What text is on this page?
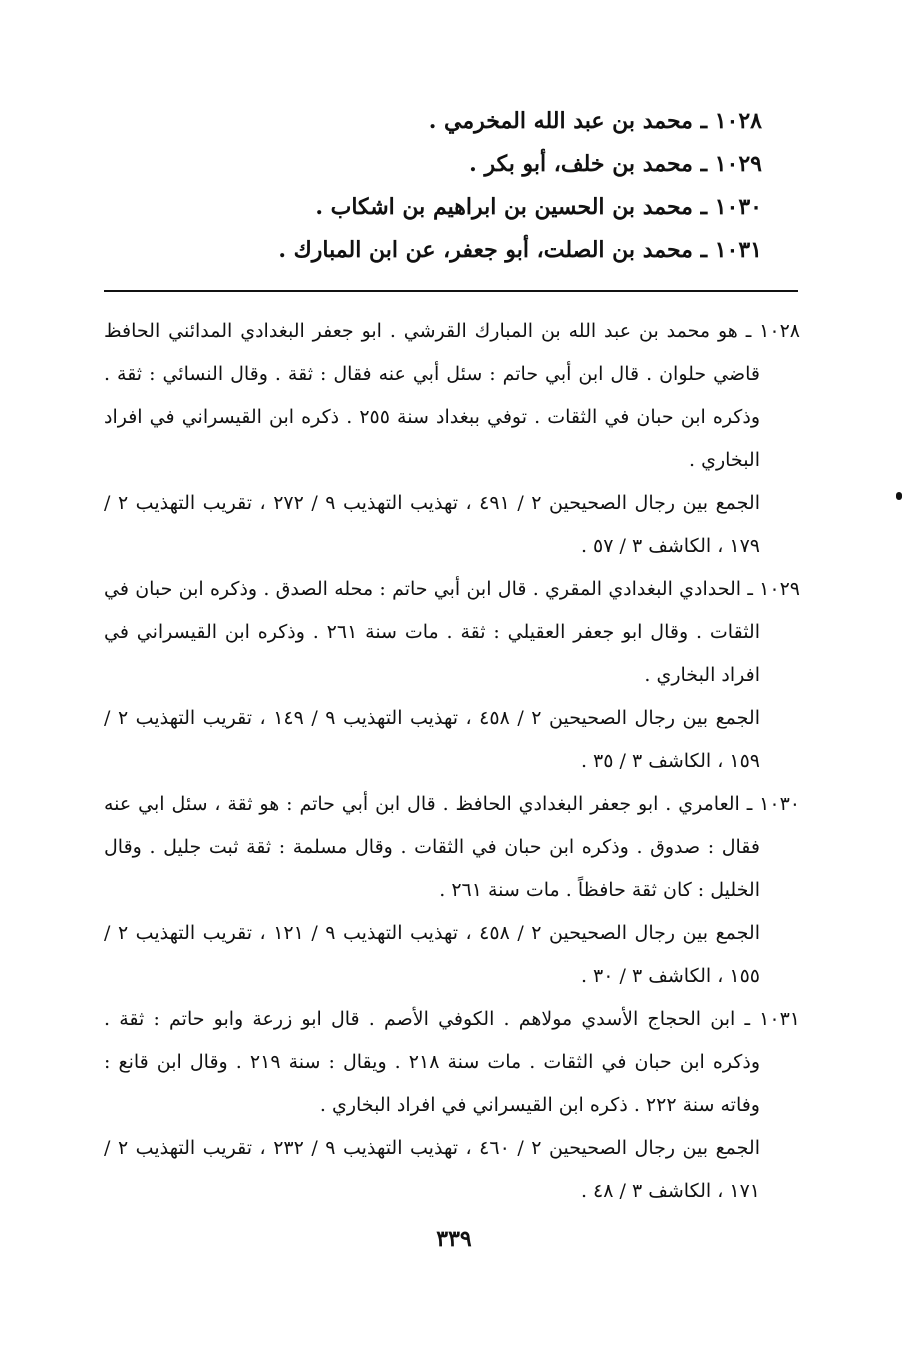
١٠٢٨ ـ محمد بن عبد الله المخرمي .
١٠٢٩ ـ محمد بن خلف، أبو بكر .
١٠٣٠ ـ محمد بن الحسين بن ابراهيم بن اشكاب .
١٠٣١ ـ محمد بن الصلت، أبو جعفر، عن ابن المبارك .
١٠٢٨ ـ هو محمد بن عبد الله بن المبارك القرشي . ابو جعفر البغدادي المدائني الحافظ قاضي حلوان . قال ابن أبي حاتم : سئل أبي عنه فقال : ثقة . وقال النسائي : ثقة . وذكره ابن حبان في الثقات . توفي ببغداد سنة ٢٥٥ . ذكره ابن القيسراني في افراد البخاري .
الجمع بين رجال الصحيحين ٢ / ٤٩١ ، تهذيب التهذيب ٩ / ٢٧٢ ، تقريب التهذيب ٢ / ١٧٩ ، الكاشف ٣ / ٥٧ .
١٠٢٩ ـ الحدادي البغدادي المقري . قال ابن أبي حاتم : محله الصدق . وذكره ابن حبان في الثقات . وقال ابو جعفر العقيلي : ثقة . مات سنة ٢٦١ . وذكره ابن القيسراني في افراد البخاري .
الجمع بين رجال الصحيحين ٢ / ٤٥٨ ، تهذيب التهذيب ٩ / ١٤٩ ، تقريب التهذيب ٢ / ١٥٩ ، الكاشف ٣ / ٣٥ .
١٠٣٠ ـ العامري . ابو جعفر البغدادي الحافظ . قال ابن أبي حاتم : هو ثقة ، سئل ابي عنه فقال : صدوق . وذكره ابن حبان في الثقات . وقال مسلمة : ثقة ثبت جليل . وقال الخليل : كان ثقة حافظاً . مات سنة ٢٦١ .
الجمع بين رجال الصحيحين ٢ / ٤٥٨ ، تهذيب التهذيب ٩ / ١٢١ ، تقريب التهذيب ٢ / ١٥٥ ، الكاشف ٣ / ٣٠ .
١٠٣١ ـ ابن الحجاج الأسدي مولاهم . الكوفي الأصم . قال ابو زرعة وابو حاتم : ثقة . وذكره ابن حبان في الثقات . مات سنة ٢١٨ . ويقال : سنة ٢١٩ . وقال ابن قانع : وفاته سنة ٢٢٢ . ذكره ابن القيسراني في افراد البخاري .
الجمع بين رجال الصحيحين ٢ / ٤٦٠ ، تهذيب التهذيب ٩ / ٢٣٢ ، تقريب التهذيب ٢ / ١٧١ ، الكاشف ٣ / ٤٨ .
٣٣٩
